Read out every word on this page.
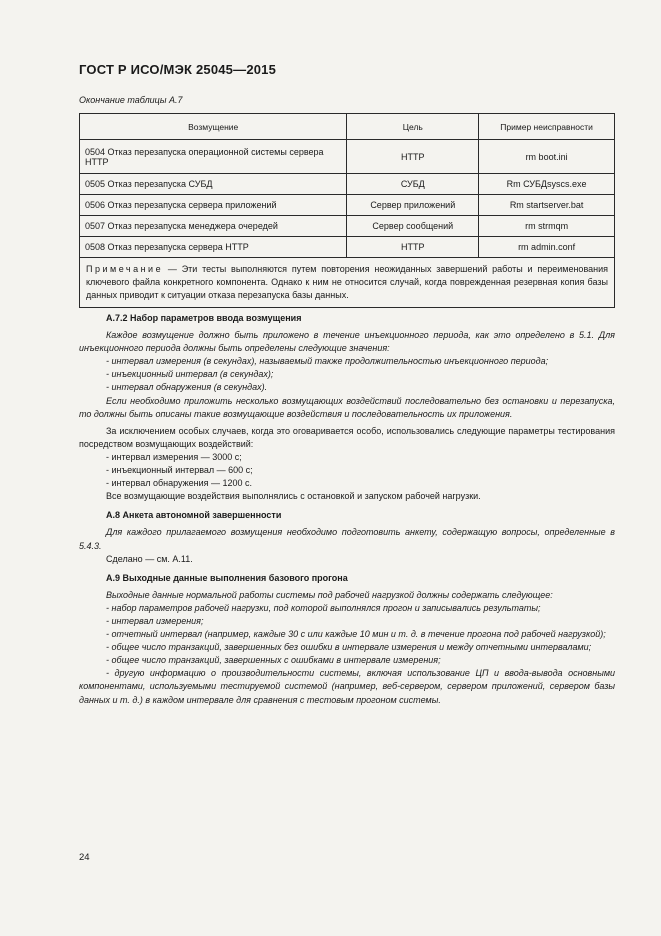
ГОСТ Р ИСО/МЭК 25045—2015
Окончание таблицы А.7
Возмущение	Цель	Пример неисправности
0504 Отказ перезапуска операционной системы сервера HTTP	HTTP	rm boot.ini
0505 Отказ перезапуска СУБД	СУБД	Rm СУБДsysсs.exe
0506 Отказ перезапуска сервера приложений	Сервер приложений	Rm startserver.bat
0507 Отказ перезапуска менеджера очередей	Сервер сообщений	rm strmqm
0508 Отказ перезапуска сервера HTTP	HTTP	rm admin.conf
Примечание — Эти тесты выполняются путем повторения неожиданных завершений работы и переименования ключевого файла конкретного компонента. Однако к ним не относится случай, когда поврежденная резервная копия базы данных приводит к ситуации отказа перезапуска базы данных.		

А.7.2 Набор параметров ввода возмущения

Каждое возмущение должно быть приложено в течение инъекционного периода, как это определено в 5.1. Для инъекционного периода должны быть определены следующие значения:

- интервал измерения (в секундах), называемый также продолжительностью инъекционного периода;

- инъекционный интервал (в секундах);

- интервал обнаружения (в секундах).

Если необходимо приложить несколько возмущающих воздействий последовательно без остановки и перезапуска, то должны быть описаны такие возмущающие воздействия и последовательность их приложения.

За исключением особых случаев, когда это оговаривается особо, использовались следующие параметры тестирования посредством возмущающих воздействий:

- интервал измерения — 3000 с;

- инъекционный интервал — 600 с;

- интервал обнаружения — 1200 с.

Все возмущающие воздействия выполнялись с остановкой и запуском рабочей нагрузки.

А.8 Анкета автономной завершенности

Для каждого прилагаемого возмущения необходимо подготовить анкету, содержащую вопросы, определенные в 5.4.3.

Сделано — см. А.11.

А.9 Выходные данные выполнения базового прогона

Выходные данные нормальной работы системы под рабочей нагрузкой должны содержать следующее:

- набор параметров рабочей нагрузки, под которой выполнялся прогон и записывались результаты;

- интервал измерения;

- отчетный интервал (например, каждые 30 с или каждые 10 мин и т. д. в течение прогона под рабочей нагрузкой);

- общее число транзакций, завершенных без ошибки в интервале измерения и между отчетными интервалами;

- общее число транзакций, завершенных с ошибками в интервале измерения;

- другую информацию о производительности системы, включая использование ЦП и ввода-вывода основными компонентами, используемыми тестируемой системой (например, веб-сервером, сервером приложений, сервером базы данных и т. д.) в каждом интервале для сравнения с тестовым прогоном системы.

24
